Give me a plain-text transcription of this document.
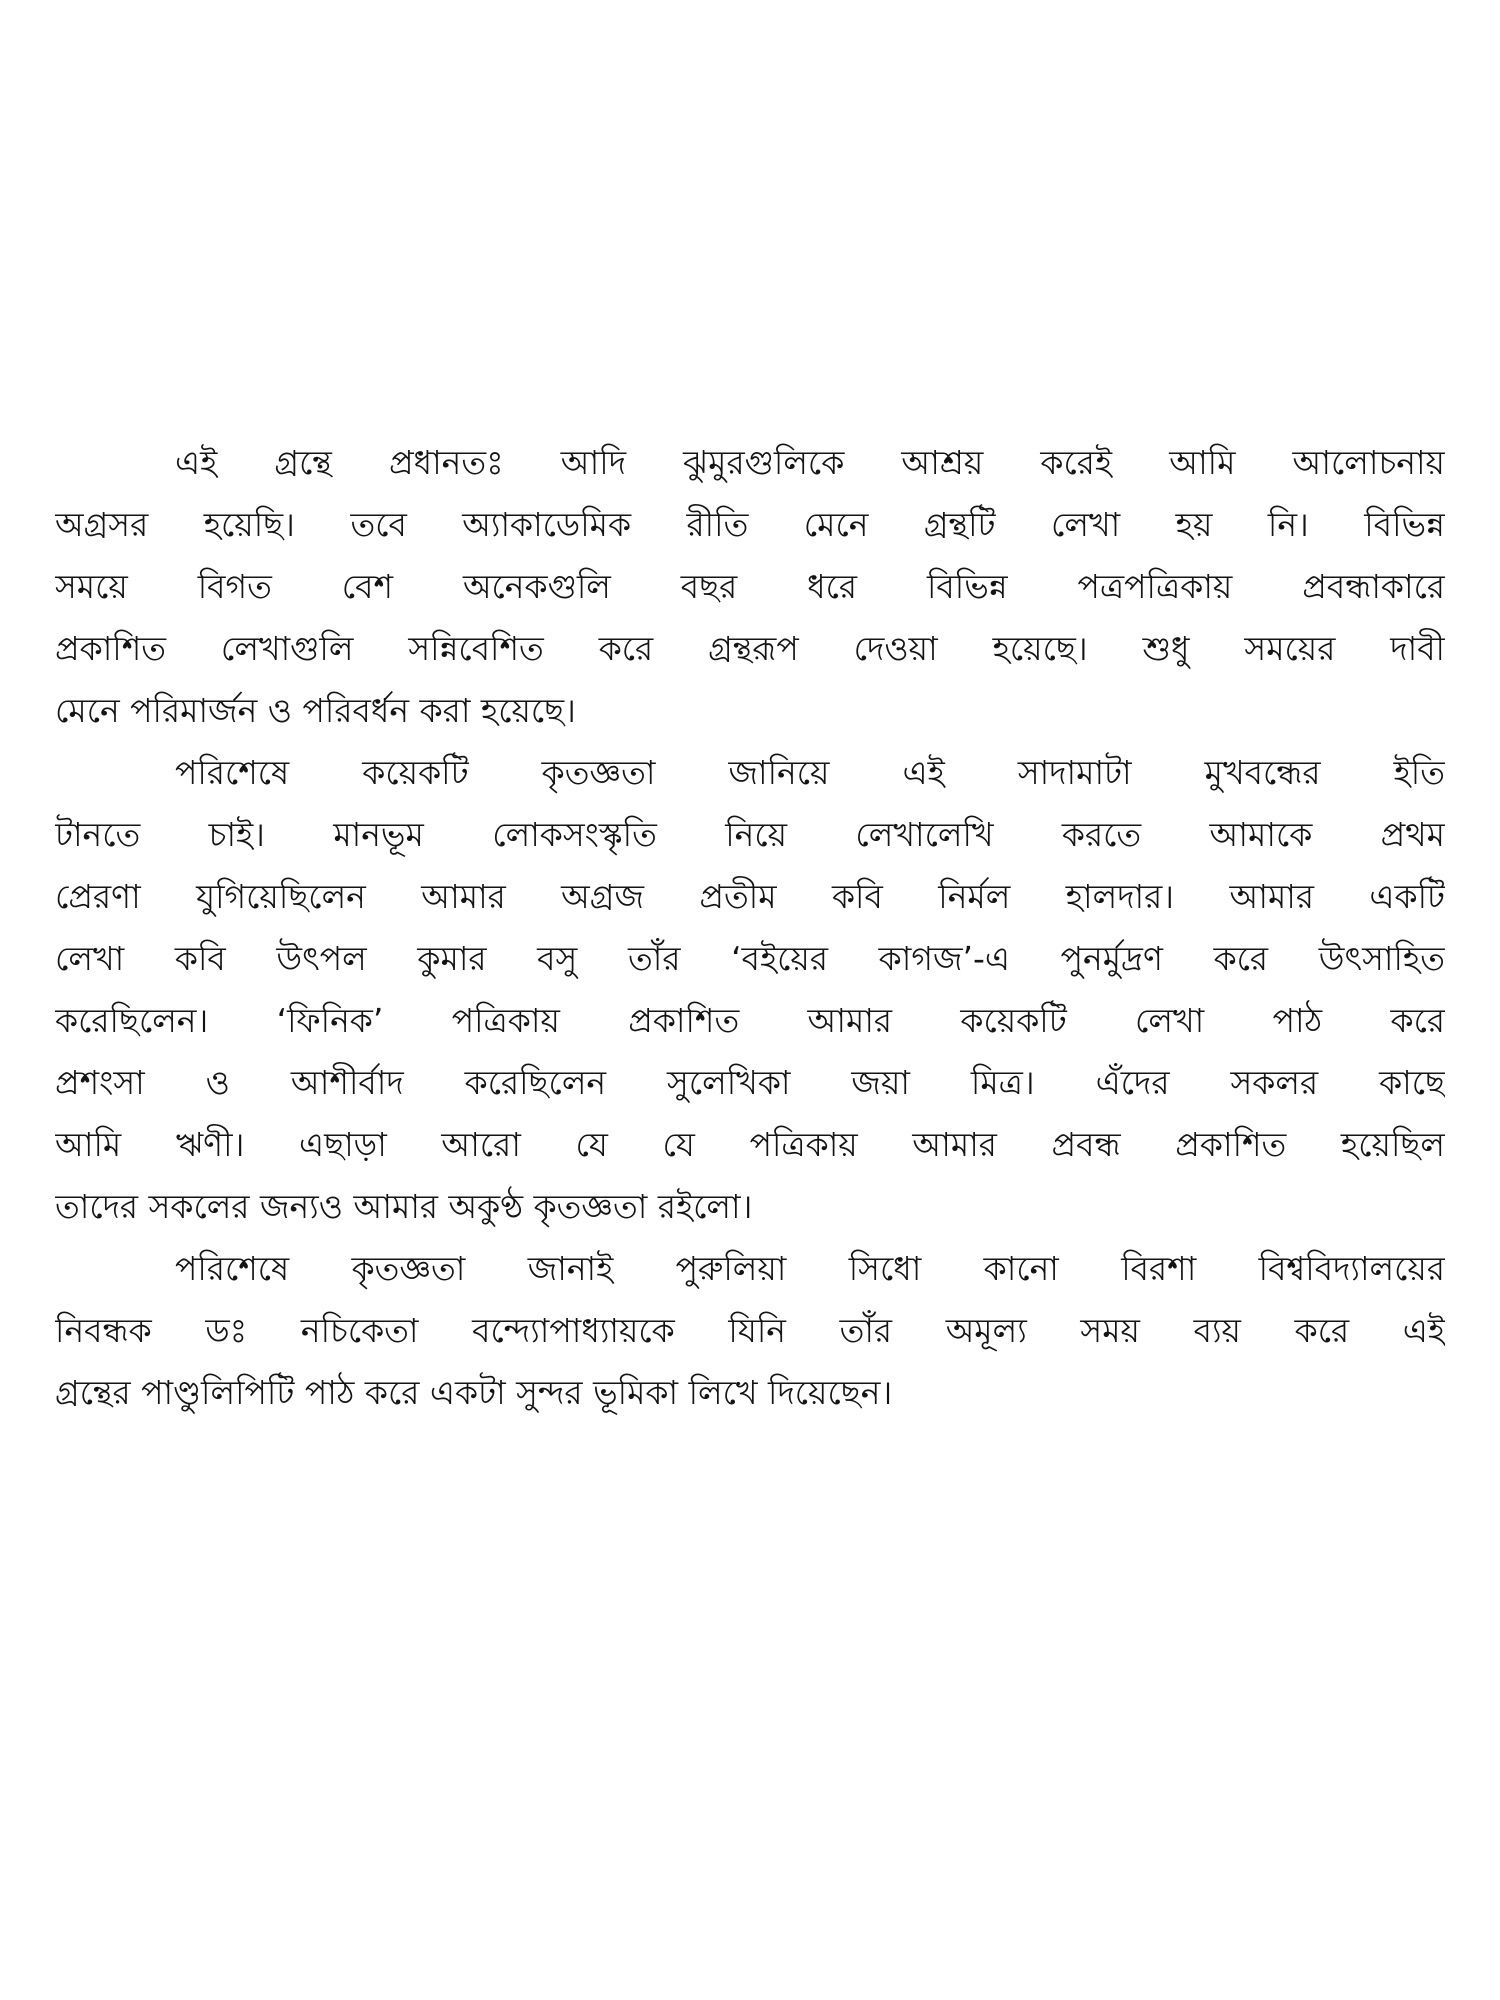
এই গ্রন্থে প্রধানতঃ আদি ঝুমুরগুলিকে আশ্রয় করেই আমি আলোচনায়
অগ্রসর হয়েছি। তবে অ্যাকাডেমিক রীতি মেনে গ্রন্থটি লেখা হয় নি। বিভিন্ন
সময়ে বিগত বেশ অনেকগুলি বছর ধরে বিভিন্ন পত্রপত্রিকায় প্রবন্ধাকারে
প্রকাশিত লেখাগুলি সন্নিবেশিত করে গ্রন্থরূপ দেওয়া হয়েছে। শুধু সময়ের দাবী
মেনে পরিমার্জন ও পরিবর্ধন করা হয়েছে।
পরিশেষে কয়েকটি কৃতজ্ঞতা জানিয়ে এই সাদামাটা মুখবন্ধের ইতি
টানতে চাই। মানভূম লোকসংস্কৃতি নিয়ে লেখালেখি করতে আমাকে প্রথম
প্রেরণা যুগিয়েছিলেন আমার অগ্রজ প্রতীম কবি নির্মল হালদার। আমার একটি
লেখা কবি উৎপল কুমার বসু তাঁর ‘বইয়ের কাগজ’-এ পুনর্মুদ্রণ করে উৎসাহিত
করেছিলেন। ‘ফিনিক’ পত্রিকায় প্রকাশিত আমার কয়েকটি লেখা পাঠ করে
প্রশংসা ও আশীর্বাদ করেছিলেন সুলেখিকা জয়া মিত্র। এঁদের সকলর কাছে
আমি ঋণী। এছাড়া আরো যে যে পত্রিকায় আমার প্রবন্ধ প্রকাশিত হয়েছিল
তাদের সকলের জন্যও আমার অকুণ্ঠ কৃতজ্ঞতা রইলো।
পরিশেষে কৃতজ্ঞতা জানাই পুরুলিয়া সিধো কানো বিরশা বিশ্ববিদ্যালয়ের
নিবন্ধক ডঃ নচিকেতা বন্দ্যোপাধ্যায়কে যিনি তাঁর অমূল্য সময় ব্যয় করে এই
গ্রন্থের পাণ্ডুলিপিটি পাঠ করে একটা সুন্দর ভূমিকা লিখে দিয়েছেন।
